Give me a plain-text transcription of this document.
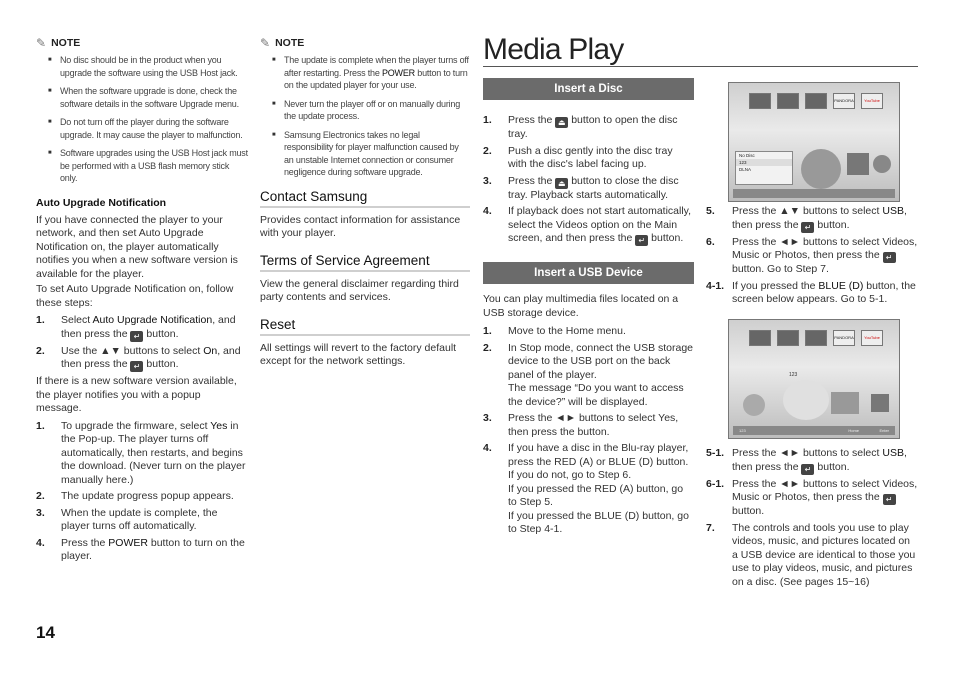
✎ NOTE
■ No disc should be in the product when you upgrade the software using the USB Host jack.
■ When the software upgrade is done, check the software details in the software Upgrade menu.
■ Do not turn off the player during the software upgrade. It may cause the player to malfunction.
■ Software upgrades using the USB Host jack must be performed with a USB flash memory stick only.

Auto Upgrade Notification

If you have connected the player to your network, and then set Auto Upgrade Notification on, the player automatically notifies you when a new software version is available for the player.

To set Auto Upgrade Notification on, follow these steps:

1. Select Auto Upgrade Notification, and then press the ↵ button.
2. Use the ▲▼ buttons to select On, and then press the ↵ button.

If there is a new software version available, the player notifies you with a popup message.

1. To upgrade the firmware, select Yes in the Pop-up. The player turns off automatically, then restarts, and begins the download. (Never turn on the player manually here.)
2. The update progress popup appears.
3. When the update is complete, the player turns off automatically.
4. Press the POWER button to turn on the player.
✎ NOTE
■ The update is complete when the player turns off after restarting. Press the POWER button to turn on the updated player for your use.
■ Never turn the player off or on manually during the update process.
■ Samsung Electronics takes no legal responsibility for player malfunction caused by an unstable Internet connection or consumer negligence during software upgrade.

Contact Samsung

Provides contact information for assistance with your player.

Terms of Service Agreement

View the general disclaimer regarding third party contents and services.

Reset

All settings will revert to the factory default except for the network settings.

Media Play
Insert a Disc
1. Press the ⏏ button to open the disc tray.
2. Push a disc gently into the disc tray with the disc's label facing up.
3. Press the ⏏ button to close the disc tray. Playback starts automatically.
4. If playback does not start automatically, select the Videos option on the Main screen, and then press the ↵ button.
Insert a USB Device

You can play multimedia files located on a USB storage device.

1. Move to the Home menu.
2. In Stop mode, connect the USB storage device to the USB port on the back panel of the player.
The message “Do you want to access the device?” will be displayed.
3. Press the ◄► buttons to select Yes, then press the button.
4. If you have a disc in the Blu-ray player, press the RED (A) or BLUE (D) button. If you do not, go to Step 6.
If you pressed the RED (A) button, go to Step 5.
If you pressed the BLUE (D) button, go to Step 4-1.
PANDORA	YouTube
No Disc
123
DLNA
5. Press the ▲▼ buttons to select USB, then press the ↵ button.
6. Press the ◄► buttons to select Videos, Music or Photos, then press the ↵ button. Go to Step 7.
4-1. If you pressed the BLUE (D) button, the screen below appears. Go to 5-1.
PANDORA	YouTube
123
123	Home	Enter
5-1. Press the ◄► buttons to select USB, then press the ↵ button.
6-1. Press the ◄► buttons to select Videos, Music or Photos, then press the ↵ button.
7. The controls and tools you use to play videos, music, and pictures located on a USB device are identical to those you use to play videos, music, and pictures on a disc. (See pages 15~16)
14
